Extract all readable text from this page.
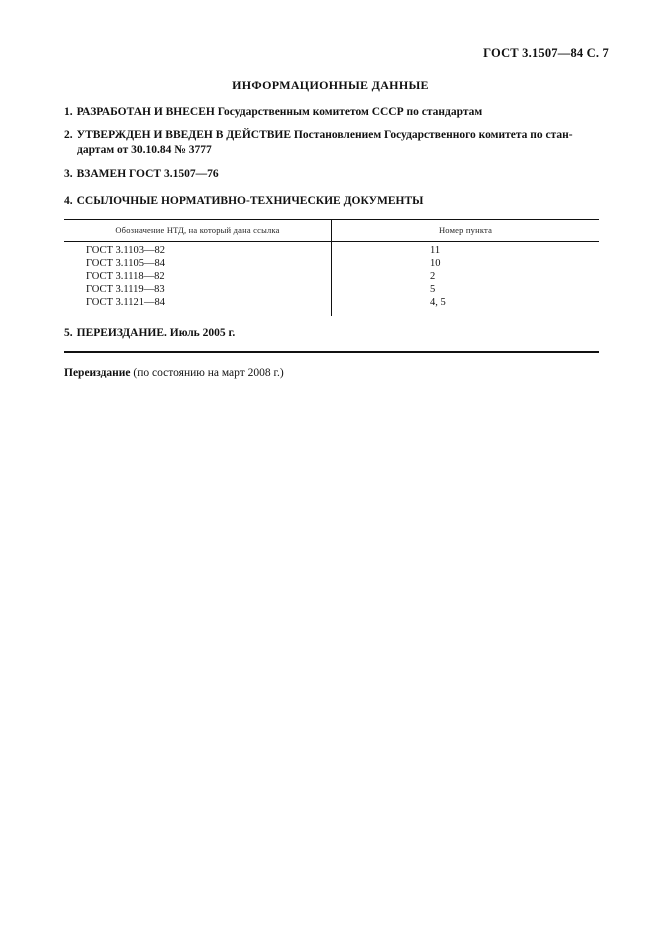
ГОСТ 3.1507—84 С. 7
ИНФОРМАЦИОННЫЕ ДАННЫЕ
1. РАЗРАБОТАН И ВНЕСЕН Государственным комитетом СССР по стандартам
2. УТВЕРЖДЕН И ВВЕДЕН В ДЕЙСТВИЕ Постановлением Государственного комитета по стан-
дартам от 30.10.84 № 3777
3. ВЗАМЕН ГОСТ 3.1507—76
4. ССЫЛОЧНЫЕ НОРМАТИВНО-ТЕХНИЧЕСКИЕ ДОКУМЕНТЫ
Обозначение НТД, на который дана ссылка	Номер пункта
ГОСТ 3.1103—82
ГОСТ 3.1105—84
ГОСТ 3.1118—82
ГОСТ 3.1119—83
ГОСТ 3.1121—84
11
10
2
5
4, 5
5. ПЕРЕИЗДАНИЕ. Июль 2005 г.
Переиздание (по состоянию на март 2008 г.)
